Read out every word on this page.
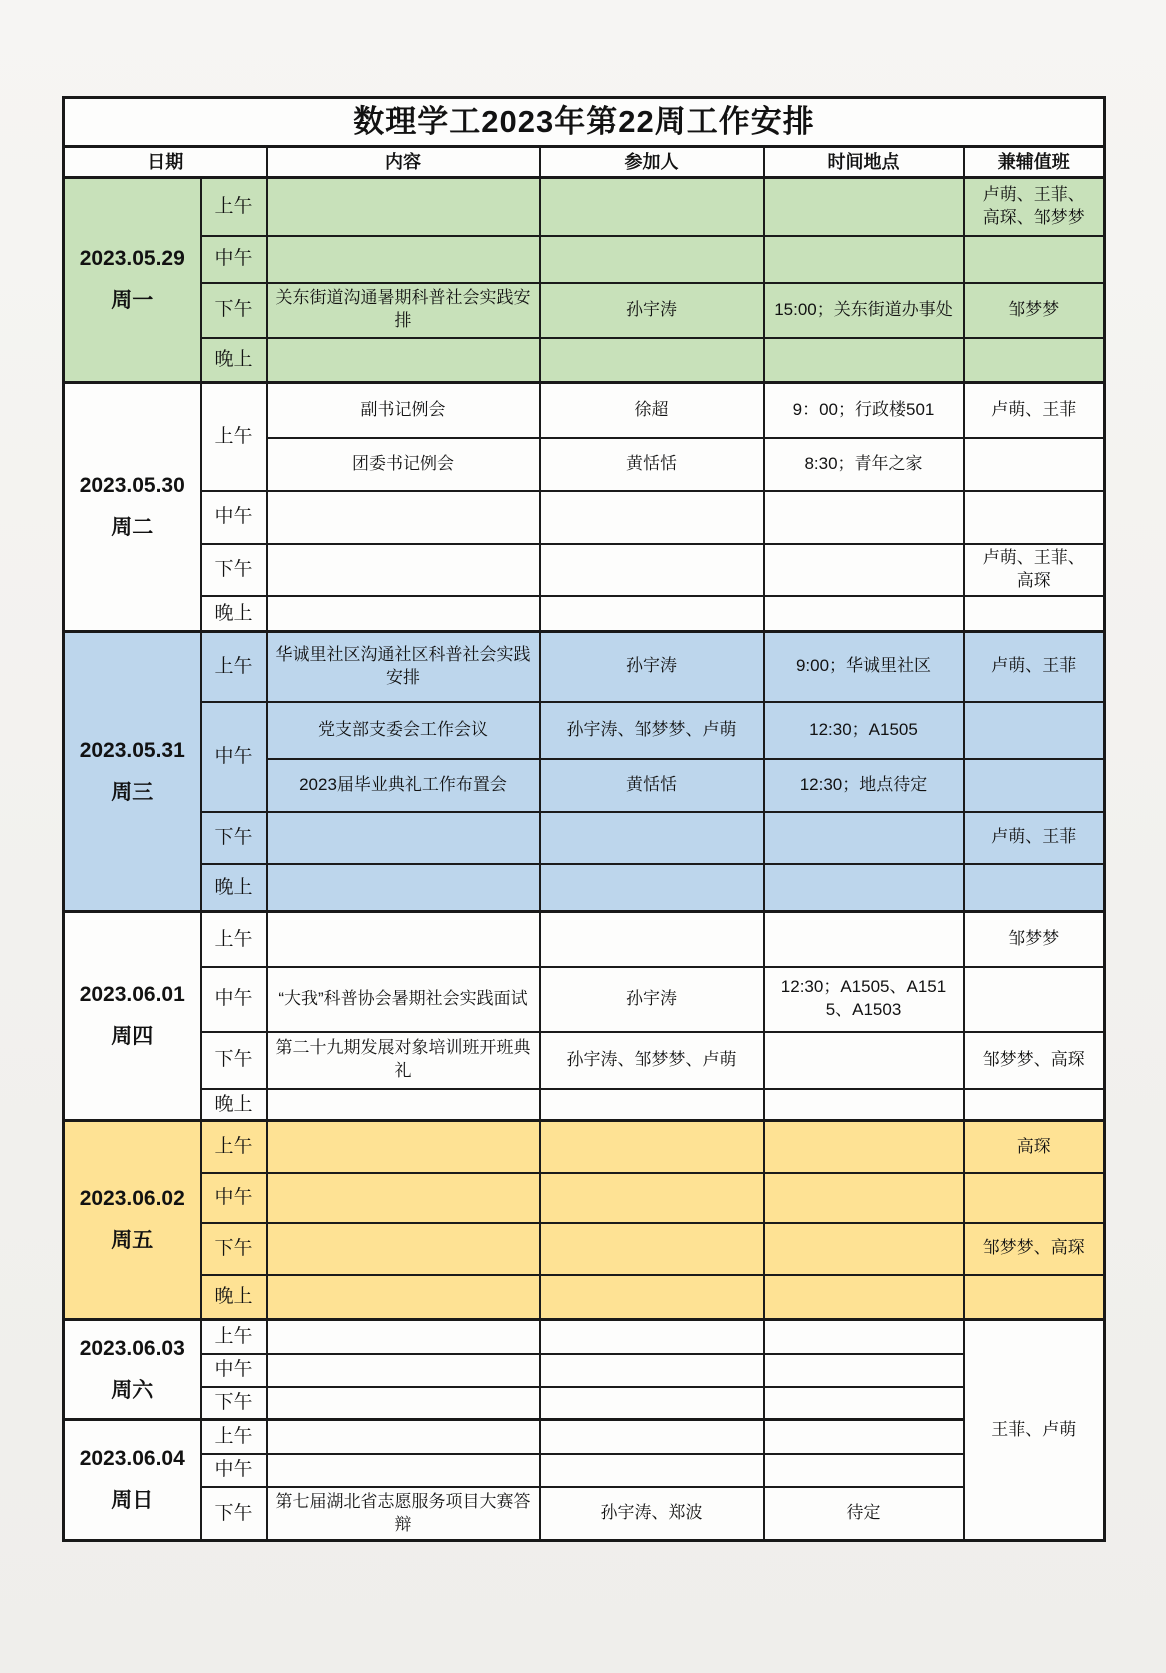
数理学工2023年第22周工作安排					
日期		内容	参加人	时间地点	兼辅值班

2023.05.29
周一	上午				卢萌、王菲、高琛、邹梦梦
	中午				
	下午	关东街道沟通暑期科普社会实践安排	孙宇涛	15:00；关东街道办事处	邹梦梦
	晚上				

2023.05.30
周二	上午	副书记例会	徐超	9：00；行政楼501	卢萌、王菲
		团委书记例会	黄恬恬	8:30；青年之家	
	中午				
	下午				卢萌、王菲、高琛
	晚上				

2023.05.31
周三	上午	华诚里社区沟通社区科普社会实践安排	孙宇涛	9:00；华诚里社区	卢萌、王菲
	中午	党支部支委会工作会议	孙宇涛、邹梦梦、卢萌	12:30；A1505	
		2023届毕业典礼工作布置会	黄恬恬	12:30；地点待定	
	下午				卢萌、王菲
	晚上				

2023.06.01
周四	上午				邹梦梦
	中午	“大我”科普协会暑期社会实践面试	孙宇涛	12:30；A1505、A1515、A1503	
	下午	第二十九期发展对象培训班开班典礼	孙宇涛、邹梦梦、卢萌		邹梦梦、高琛
	晚上				

2023.06.02
周五	上午				高琛
	中午				
	下午				邹梦梦、高琛
	晚上				

2023.06.03
周六	上午				王菲、卢萌
	中午				
	下午				

2023.06.04
周日	上午				
	中午				
	下午	第七届湖北省志愿服务项目大赛答辩	孙宇涛、郑波	待定	
